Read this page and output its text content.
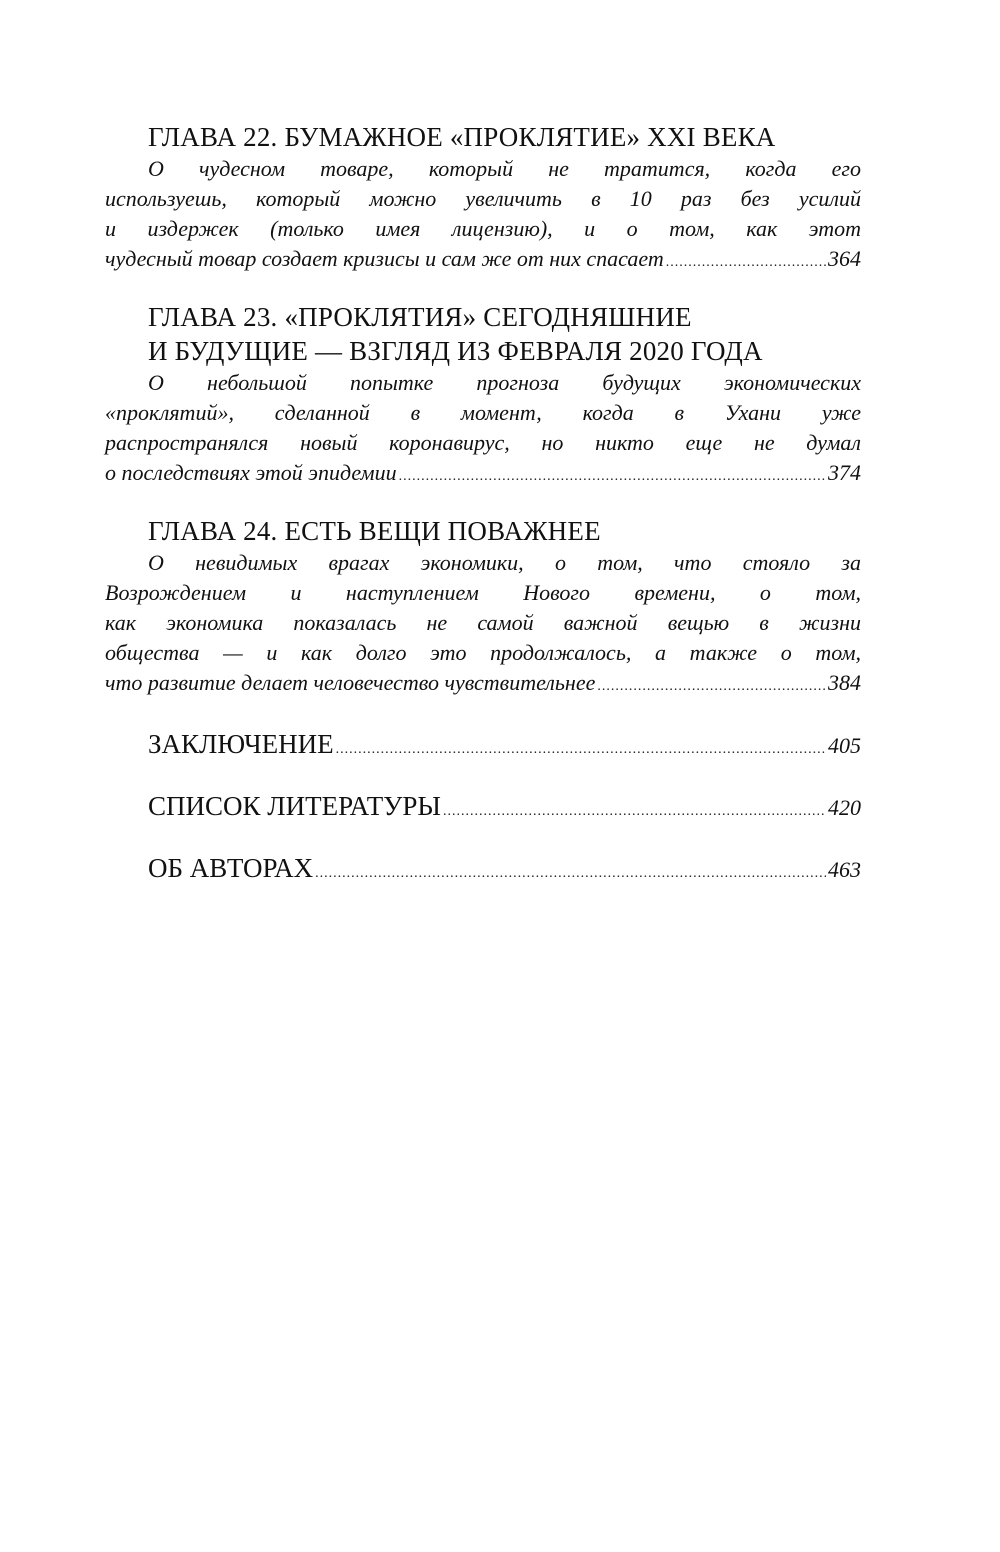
ГЛАВА 22. БУМАЖНОЕ «ПРОКЛЯТИЕ» XXI ВЕКА

О чудесном товаре, который не тратится, когда его
используешь, который можно увеличить в 10 раз без усилий
и издержек (только имея лицензию), и о том, как этот
чудесный товар создает кризисы и сам же от них спасает .....	364

ГЛАВА 23. «ПРОКЛЯТИЯ» СЕГОДНЯШНИЕ
И БУДУЩИЕ — ВЗГЛЯД ИЗ ФЕВРАЛЯ 2020 ГОДА

О небольшой попытке прогноза будущих экономических
«проклятий», сделанной в момент, когда в Ухани уже
распространялся новый коронавирус, но никто еще не думал
о последствиях этой эпидемии .....	374

ГЛАВА 24. ЕСТЬ ВЕЩИ ПОВАЖНЕЕ

О невидимых врагах экономики, о том, что стояло за
Возрождением и наступлением Нового времени, о том,
как экономика показалась не самой важной вещью в жизни
общества — и как долго это продолжалось, а также о том,
что развитие делает человечество чувствительнее .....	384

ЗАКЛЮЧЕНИЕ .....	405
СПИСОК ЛИТЕРАТУРЫ .....	420
ОБ АВТОРАХ .....	463
